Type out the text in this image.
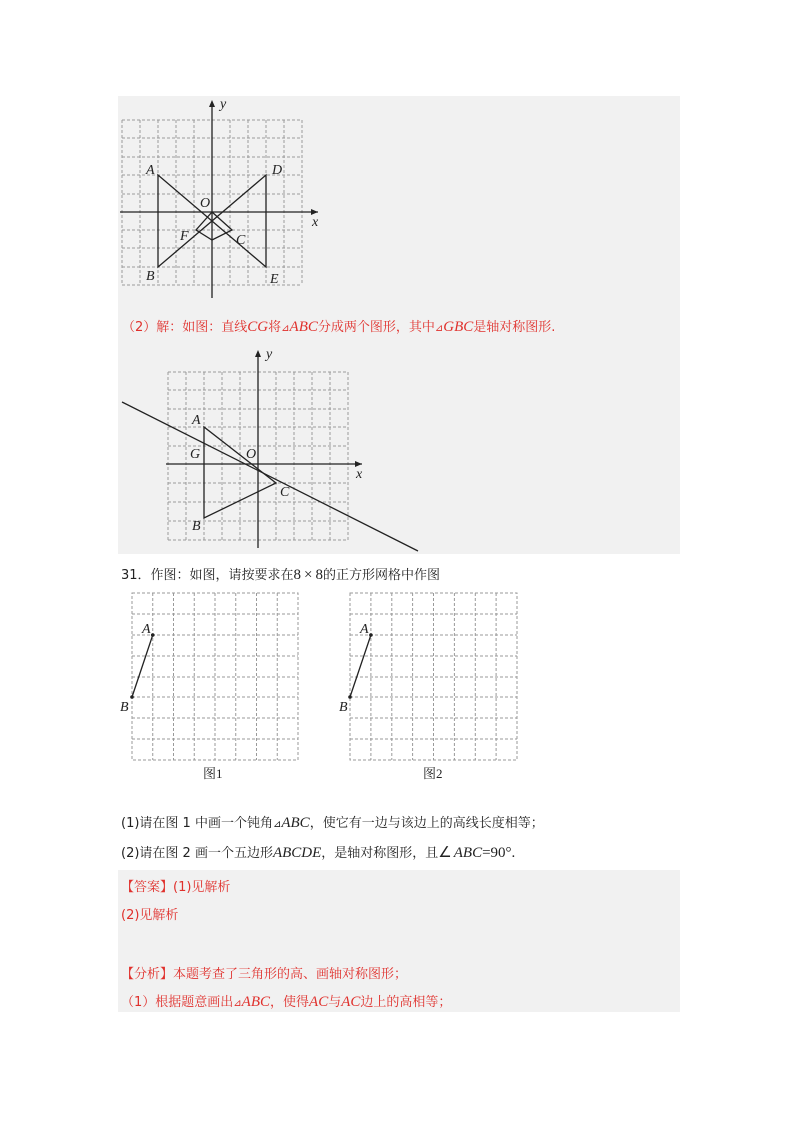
y
x
A	D
O
F	C
B	E
（2）解：如图：直线CG将⊿ABC分成两个图形，其中⊿GBC是轴对称图形.
y
x
A
G	O
C
B
31．作图：如图，请按要求在8 × 8的正方形网格中作图
A
B
图1
A
B
图2
(1)请在图 1 中画一个钝角⊿ABC，使它有一边与该边上的高线长度相等；
(2)请在图 2 画一个五边形ABCDE，是轴对称图形，且∠ ABC=90°.
【答案】(1)见解析
(2)见解析
【分析】本题考查了三角形的高、画轴对称图形；
（1）根据题意画出⊿ABC，使得AC与AC边上的高相等；
